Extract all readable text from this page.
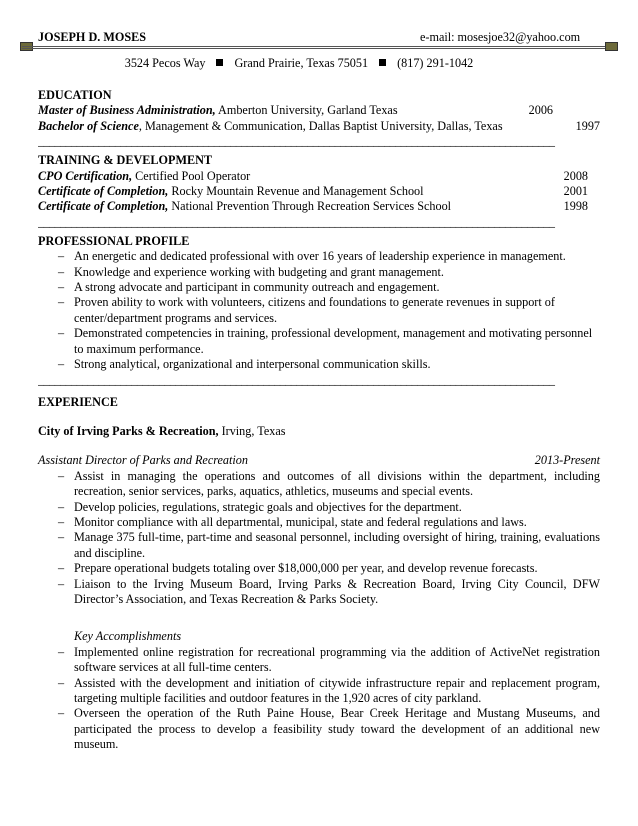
JOSEPH D. MOSES	e-mail: mosesjoe32@yahoo.com
3524 Pecos Way Grand Prairie, Texas 75051 (817) 291-1042
EDUCATION
Master of Business Administration, Amberton University, Garland Texas	2006
Bachelor of Science, Management & Communication, Dallas Baptist University, Dallas, Texas	1997
______________________________________________________________________________________________
TRAINING & DEVELOPMENT
CPO Certification, Certified Pool Operator	2008
Certificate of Completion, Rocky Mountain Revenue and Management School	2001
Certificate of Completion, National Prevention Through Recreation Services School	1998
______________________________________________________________________________________________
PROFESSIONAL PROFILE
– An energetic and dedicated professional with over 16 years of leadership experience in management.
– Knowledge and experience working with budgeting and grant management.
– A strong advocate and participant in community outreach and engagement.
– Proven ability to work with volunteers, citizens and foundations to generate revenues in support of center/department programs and services.
– Demonstrated competencies in training, professional development, management and motivating personnel to maximum performance.
– Strong analytical, organizational and interpersonal communication skills.
______________________________________________________________________________________________
EXPERIENCE
City of Irving Parks & Recreation, Irving, Texas
Assistant Director of Parks and Recreation	2013-Present
– Assist in managing the operations and outcomes of all divisions within the department, including recreation, senior services, parks, aquatics, athletics, museums and special events.
– Develop policies, regulations, strategic goals and objectives for the department.
– Monitor compliance with all departmental, municipal, state and federal regulations and laws.
– Manage 375 full-time, part-time and seasonal personnel, including oversight of hiring, training, evaluations and discipline.
– Prepare operational budgets totaling over $18,000,000 per year, and develop revenue forecasts.
– Liaison to the Irving Museum Board, Irving Parks & Recreation Board, Irving City Council, DFW Director’s Association, and Texas Recreation & Parks Society.
Key Accomplishments
– Implemented online registration for recreational programming via the addition of ActiveNet registration software services at all full-time centers.
– Assisted with the development and initiation of citywide infrastructure repair and replacement program, targeting multiple facilities and outdoor features in the 1,920 acres of city parkland.
– Overseen the operation of the Ruth Paine House, Bear Creek Heritage and Mustang Museums, and participated the process to develop a feasibility study toward the development of an additional new museum.
